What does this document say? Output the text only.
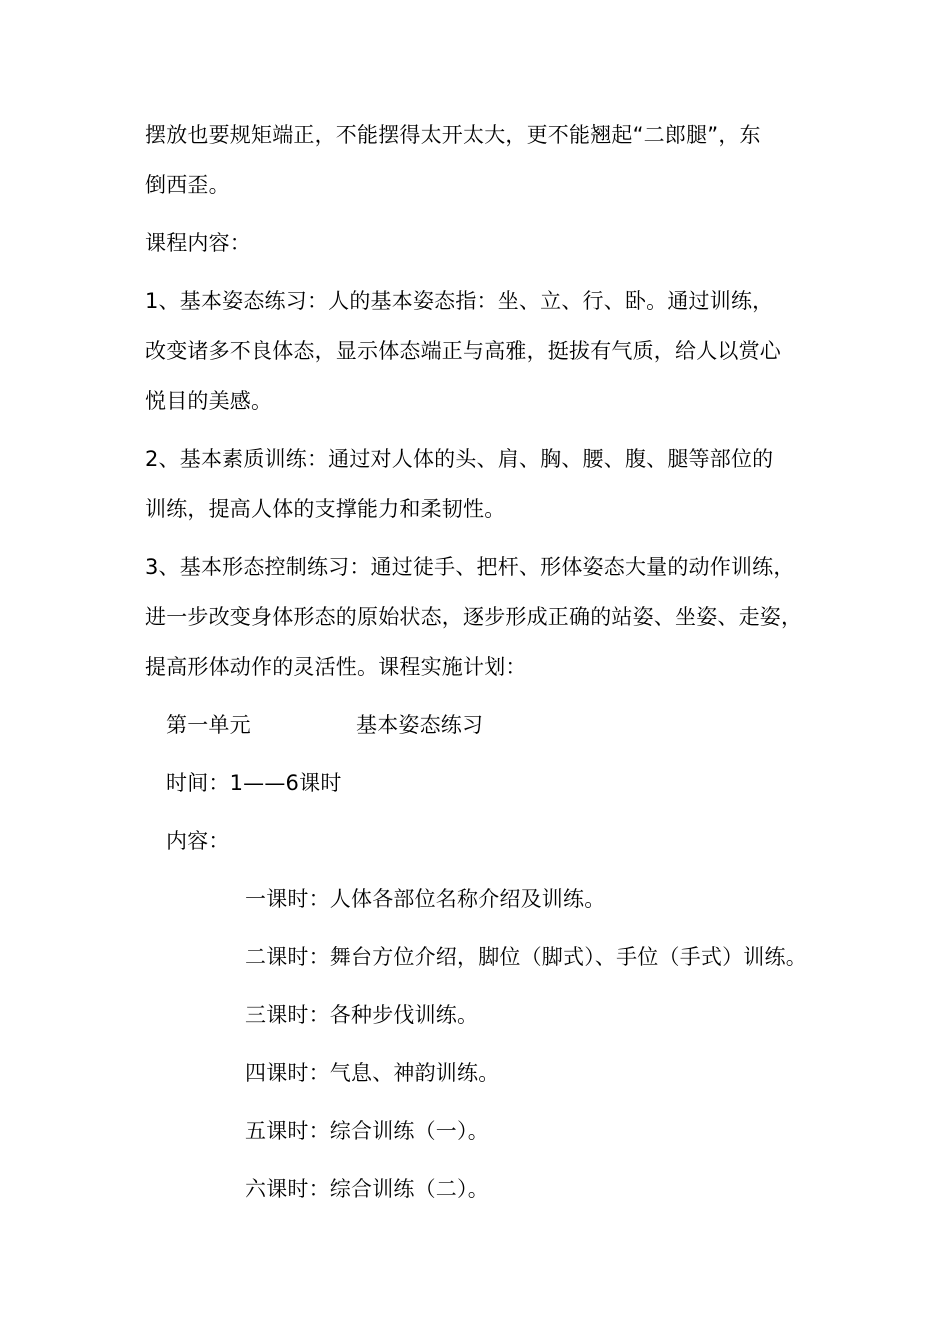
摆放也要规矩端正，不能摆得太开太大，更不能翘起“二郎腿”，东
倒西歪。
课程内容：
1、基本姿态练习：人的基本姿态指：坐、立、行、卧。通过训练，
改变诸多不良体态，显示体态端正与高雅，挺拔有气质，给人以赏心
悦目的美感。
2、基本素质训练：通过对人体的头、肩、胸、腰、腹、腿等部位的
训练，提高人体的支撑能力和柔韧性。
3、基本形态控制练习：通过徒手、把杆、形体姿态大量的动作训练，
进一步改变身体形态的原始状态，逐步形成正确的站姿、坐姿、走姿，
提高形体动作的灵活性。课程实施计划：
第一单元	基本姿态练习
时间：1——6课时
内容：
一课时：人体各部位名称介绍及训练。
二课时：舞台方位介绍，脚位（脚式）、手位（手式）训练。
三课时：各种步伐训练。
四课时：气息、神韵训练。
五课时：综合训练（一）。
六课时：综合训练（二）。
